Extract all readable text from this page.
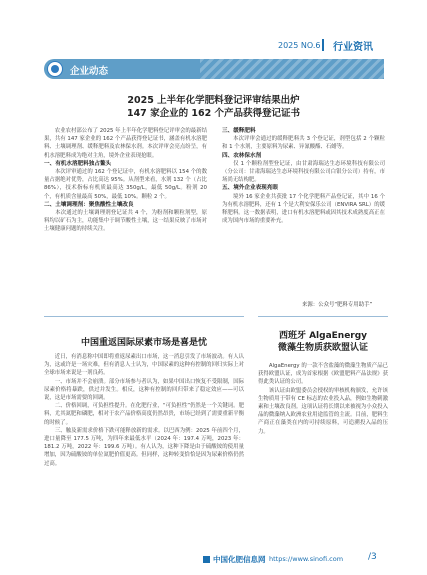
2025 NO.6 行业资讯
企业动态
2025 上半年化学肥料登记评审结果出炉
147 家企业的 162 个产品获得登记证书

　　农业农村部公布了 2025 年上半年化学肥料登记评审会的最新结果，共有 147 家企业的 162 个产品获得登记证书，涵盖有机水溶肥料、土壤调理剂、缓释肥料及农林保水剂。本次评审会亮点纷呈，有机水溶肥料成为绝对主角，境外企业表现抢眼。

一、有机水溶肥料独占鳌头

　　本次评审通过的 162 个登记证中，有机水溶肥料以 154 个的数量占据绝对优势，占比高达 95%。从剂型来看，水剂 132 个（占比 86%），技术指标有机质最高达 350g/L，最低 50g/L。粉剂 20 个，有机质含量最高 50%，最低 10%。颗粒 2 个。

二、土壤调理剂：聚焦酸性土壤改良

　　本次通过的土壤调理剂登记证共 4 个，为粉剂和颗粒剂型，原料均以矿石为主，功能集中于调节酸性土壤，这一结果反映了市场对土壤健康问题的持续关注。

三、缓释肥料

　　本次评审会通过的缓释肥料共 3 个登记证，剂型包括 2 个颗粒和 1 个水剂，主要原料为尿素、异氰酸酯、石蜡等。

四、农林保水剂

　　仅 1 个颗粒剂型登记证，由甘肃海瑞达生态环境科技有限公司（分公司：甘肃海瑞达生态环境科技有限公司白银分公司）持有，市场尚无结构肥。

五、境外企业表现亮眼

　　境外 16 家企业共获批 17 个化学肥料产品登记证，其中 16 个为有机水溶肥料，还有 1 个是大利安保乐公司（ENVIRA SRL）的缓释肥料。这一数据表明，进口有机水溶肥料或因其技术成熟度高正在成为国内市场的重要补充。

来源：公众号“肥料专用助手”
中国重返国际尿素市场是喜是忧

　　近日，有消息称中国即将重返尿素出口市场，这一消息引发了市场波动。有人认为，这或许是一场灾难，但有消息人士认为，中国尿素的这种有控制的回归实际上对全球市场来说是一剂良药。

　　一、市场并不会崩溃。部分市场参与者认为，如果中国出口恢复不受限制，国际尿素价格将暴跌，供过并发生。相反，这种有控制的回归带来了稳定效应——可以说，这是市场需要的回调。

　　二、价格回调，可负担性提升。在化肥行业，“可负担性”仍然是一个关键词。肥料，尤其氮肥和磷肥，相对于农产品价格高度仍然昂贵，市场已经到了需要重新平衡的时候了。

　　三、触及新需求价格下跌可能释放新的需求。以巴西为例：2025 年前四个月，进口量降至 177.5 万吨，为四年来最低水平（2024 年：197.4 万吨，2023 年：181.2 万吨，2022 年：199.6 万吨）。有人认为，这种下降是由于硫酸铵的使用量增加，因为硫酸铵的单位氮肥价值更高。但同样，这种转变恰恰是因为尿素价格仍然过高。

西班牙 AlgaEnergy
微藻生物质获欧盟认证

　　AlgaEnergy 的一款不含盐藻的微藻生物质产品已获得欧盟认证，成为首家根据《欧盟肥料产品法规》获得此类认证的公司。

　　该认证由欧盟委员会授权的审核机构颁发，允许该生物质用于带有 CE 标志的农业投入品，例如生物刺激素和土壤改良剂。这项认证将长期以来被视为小众投入品的微藻纳入欧洲农业用途监管的主流。目前，肥料生产商正在藻类在内的可持续原料，可追溯投入品的压力。

中国化肥信息网 https://www.sinofi.com	/3
